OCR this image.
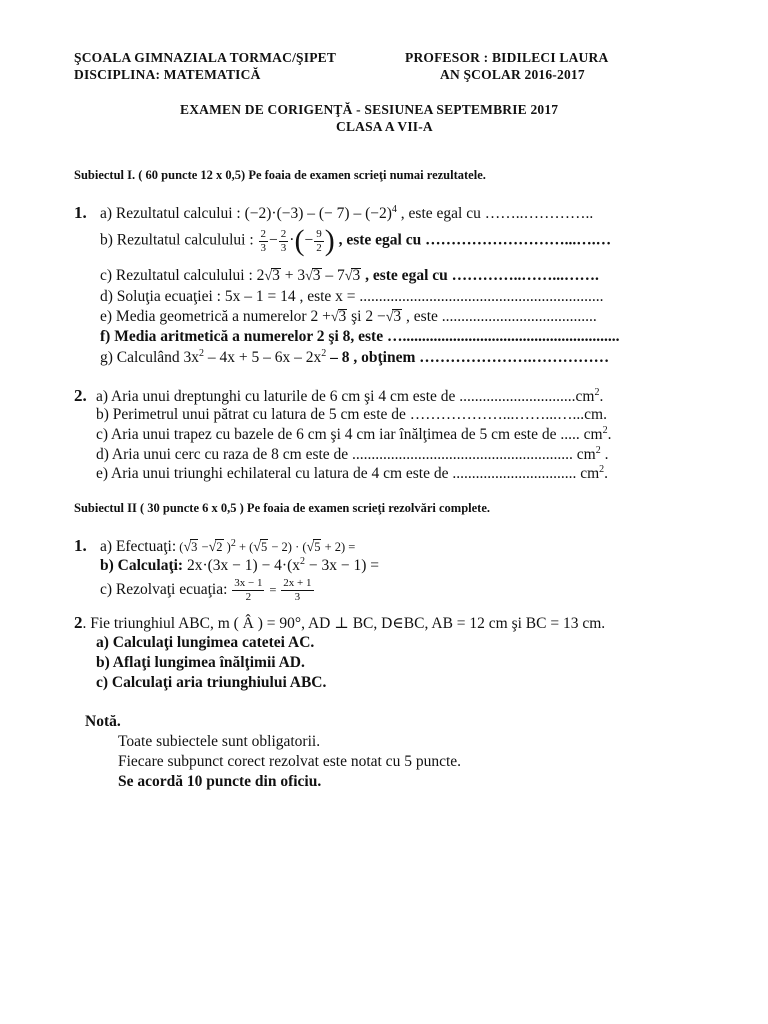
ŞCOALA GIMNAZIALA TORMAC/ŞIPET	PROFESOR : BIDILECI LAURA
DISCIPLINA: MATEMATICĂ	AN ŞCOLAR 2016-2017
EXAMEN DE CORIGENŢĂ - SESIUNEA SEPTEMBRIE 2017
CLASA A VII-A
Subiectul I. ( 60 puncte 12 x 0,5) Pe foaia de examen scrieţi numai rezultatele.
1. a) Rezultatul calcului : (−2)·(−3) – (− $7) - (-2)^4$ , este egal cu ……..…………..
b) Rezultatul calculului : $\frac{2}{3} - \frac{2}{3}$ ·(− $\frac{9}{2}$ ) , este egal cu ………………………...….…
c) Rezultatul calculului : 2√3 + 3√3 – 7√3 , este egal cu …………..……...…….
d) Soluţia ecuaţiei : 5x – 1 = 14 , este x = ...............................................................
e) Media geometrică a numerelor 2 +√3 şi 2 −√3 , este ........................................
f) Media aritmetică a numerelor 2 şi 8, este …........................................................
g) Calculând $3x^2 - 4x + 5 - 6x - 2x^2 - 8$ , obţinem ………………….……………
2. a) Aria unui dreptunghi cu laturile de 6 cm şi 4 cm este de $..............................cm^2$.
b) Perimetrul unui pătrat cu latura de 5 cm este de ………………...……...…...cm.
c) Aria unui trapez cu bazele de 6 cm şi 4 cm iar înălţimea de 5 cm este de ..... $cm^2$.
d) Aria unui cerc cu raza de 8 cm este de ......................................................... $cm^2$ .
e) Aria unui triunghi echilateral cu latura de 4 cm este de ................................ $cm^2$.
Subiectul II ( 30 puncte 6 x 0,5 ) Pe foaia de examen scrieţi rezolvări complete.
1. a) Efectuaţi: (√3 −√2 )$^2$ + (√5 − 2) · (√5 + 2) =
b) Calculaţi: $2x\cdot(3x - 1) - 4\cdot(x^2 - 3x - 1)$ =
c) Rezolvaţi ecuaţia: $\frac{3x - 1}{2} = \frac{2x + 1}{3}$
2. Fie triunghiul ABC, m ( Â ) = 90°, AD ⊥ BC, D∈BC, AB = 12 cm şi BC = 13 cm.
a) Calculaţi lungimea catetei AC.
b) Aflaţi lungimea înălţimii AD.
c) Calculaţi aria triunghiului ABC.
Notă.
Toate subiectele sunt obligatorii.
Fiecare subpunct corect rezolvat este notat cu 5 puncte.
Se acordă 10 puncte din oficiu.
